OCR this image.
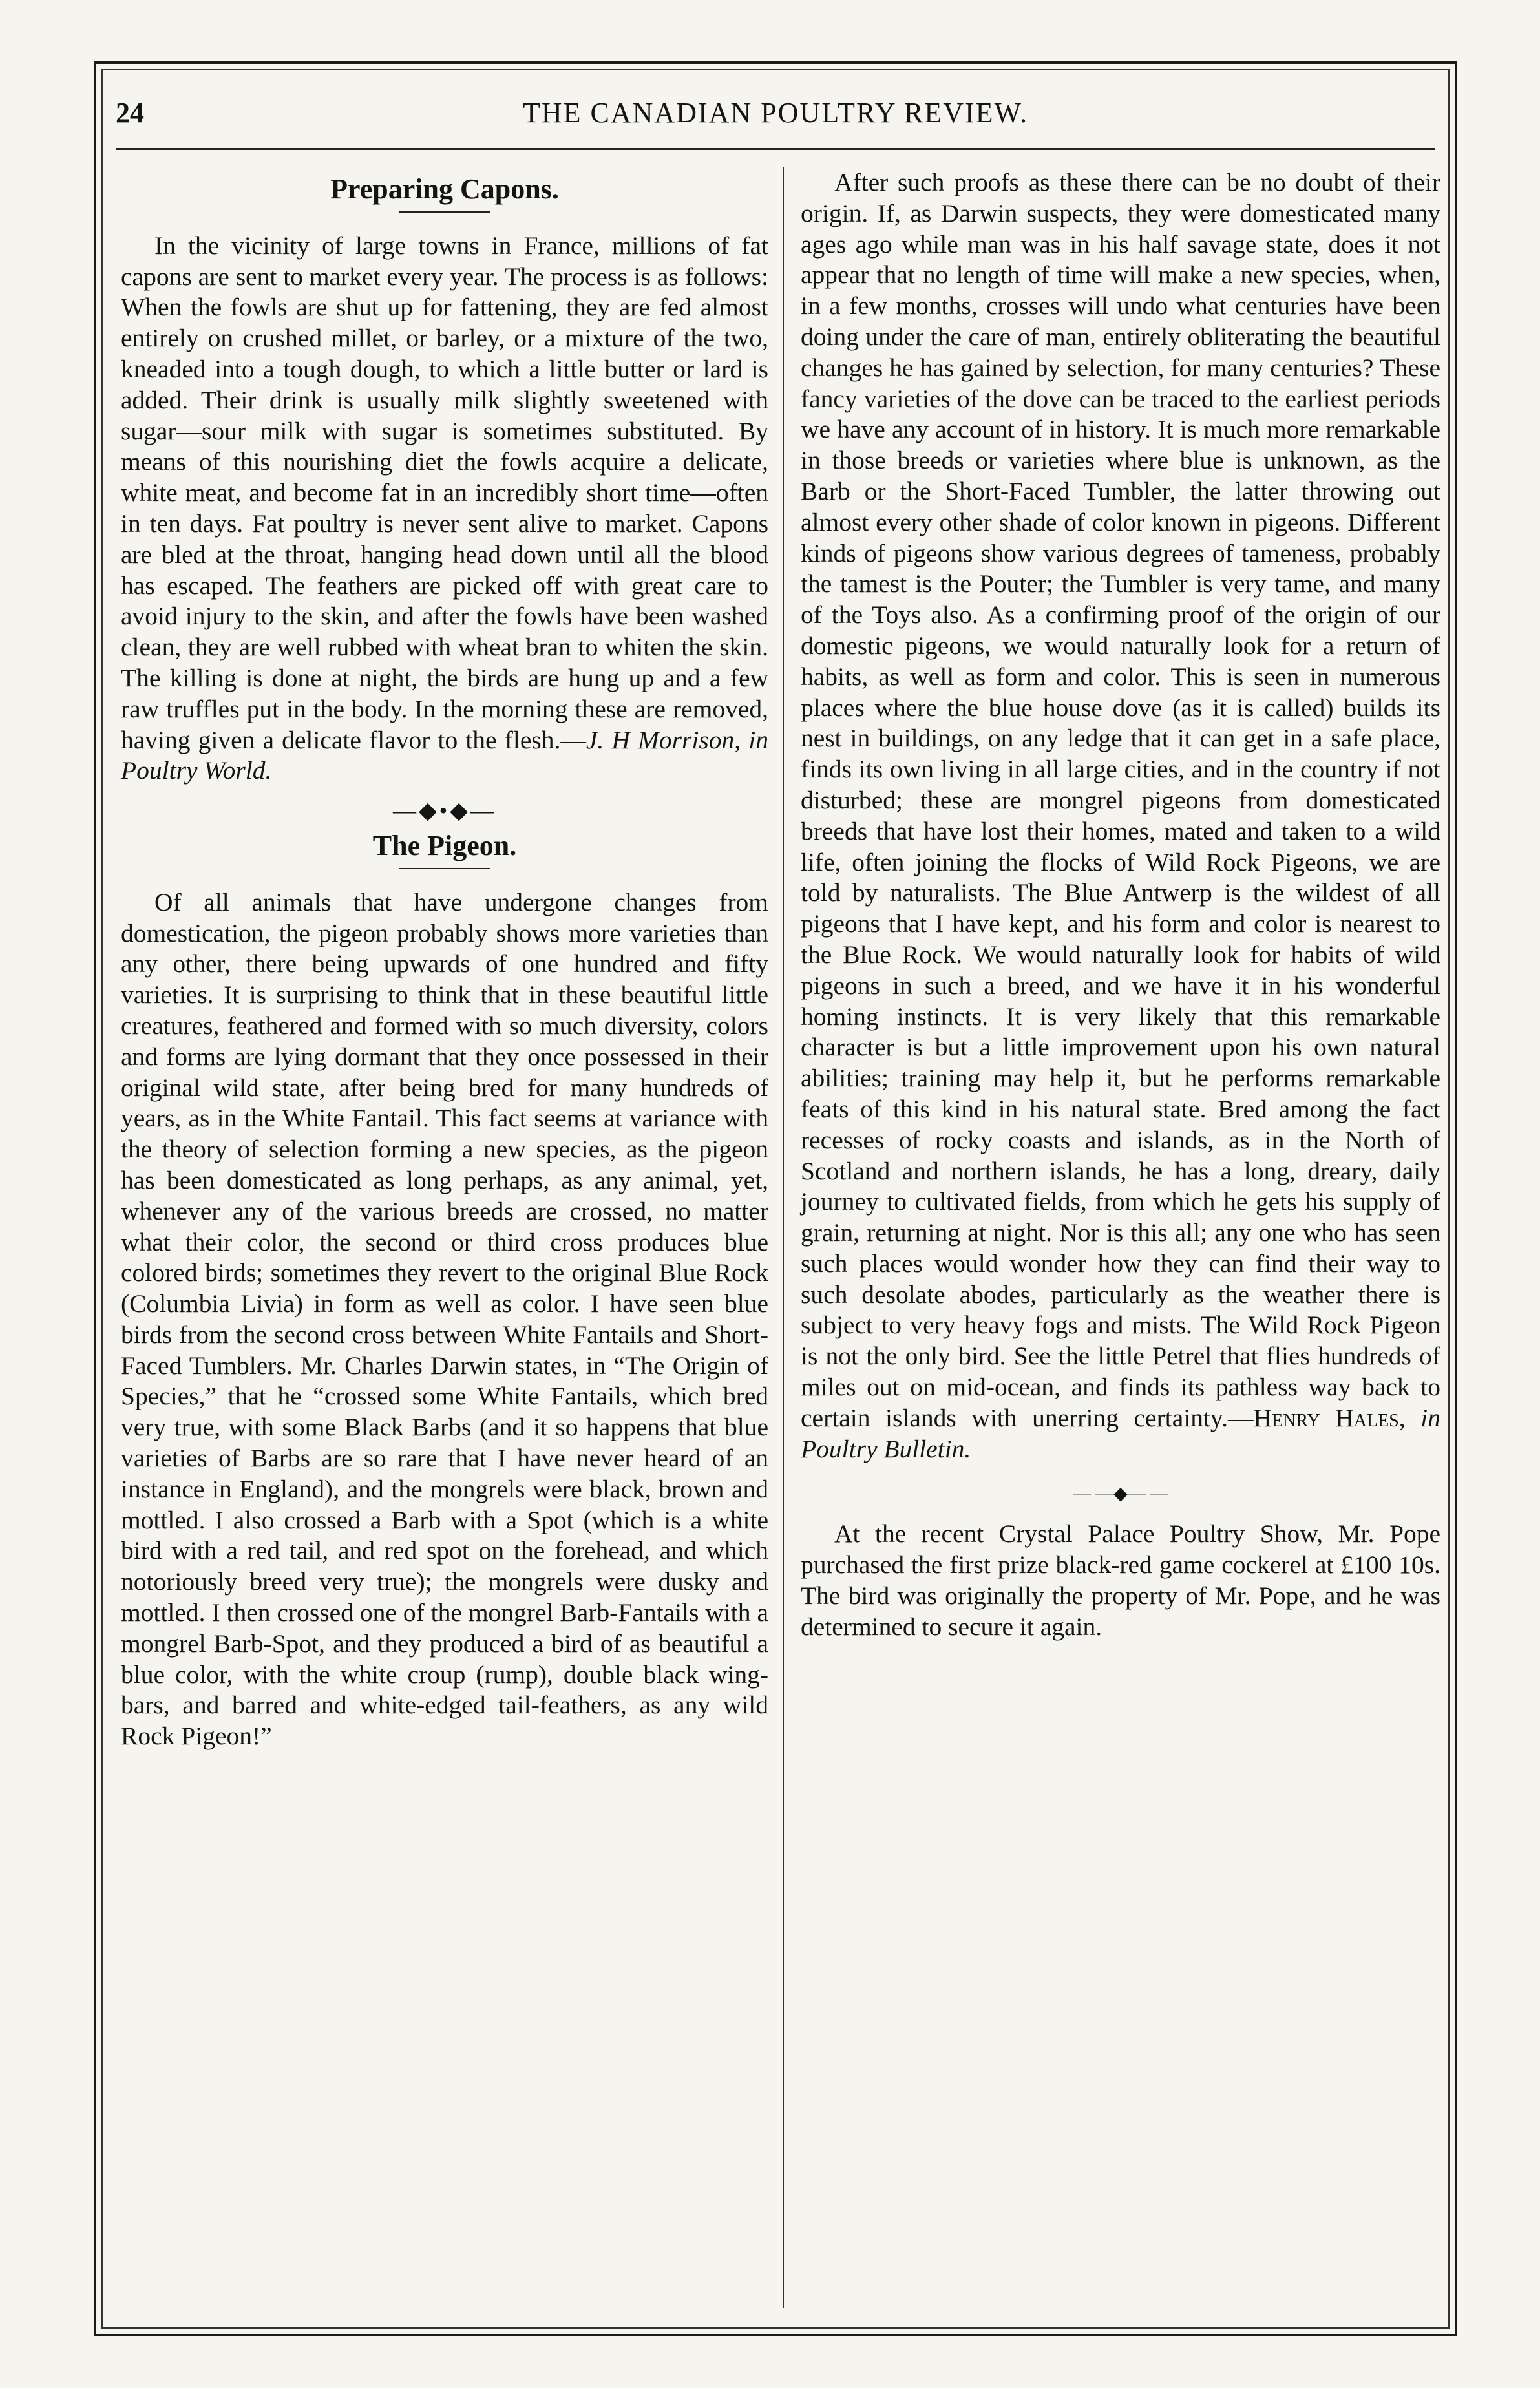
24	THE CANADIAN POULTRY REVIEW.
Preparing Capons.

In the vicinity of large towns in France, millions of fat capons are sent to market every year. The process is as follows: When the fowls are shut up for fattening, they are fed almost entirely on crushed millet, or barley, or a mixture of the two, kneaded into a tough dough, to which a little butter or lard is added. Their drink is usually milk slightly sweetened with sugar—sour milk with sugar is sometimes substituted. By means of this nourishing diet the fowls acquire a delicate, white meat, and become fat in an incredibly short time—often in ten days. Fat poultry is never sent alive to market. Capons are bled at the throat, hanging head down until all the blood has escaped. The feathers are picked off with great care to avoid injury to the skin, and after the fowls have been washed clean, they are well rubbed with wheat bran to whiten the skin. The killing is done at night, the birds are hung up and a few raw truffles put in the body. In the morning these are removed, having given a delicate flavor to the flesh.—J. H Morrison, in Poultry World.

—◆•◆—
The Pigeon.

Of all animals that have undergone changes from domestication, the pigeon probably shows more varieties than any other, there being upwards of one hundred and fifty varieties. It is surprising to think that in these beautiful little creatures, feathered and formed with so much diversity, colors and forms are lying dormant that they once possessed in their original wild state, after being bred for many hundreds of years, as in the White Fantail. This fact seems at variance with the theory of selection forming a new species, as the pigeon has been domesticated as long perhaps, as any animal, yet, whenever any of the various breeds are crossed, no matter what their color, the second or third cross produces blue colored birds; sometimes they revert to the original Blue Rock (Columbia Livia) in form as well as color. I have seen blue birds from the second cross between White Fantails and Short-Faced Tumblers. Mr. Charles Darwin states, in “The Origin of Species,” that he “crossed some White Fantails, which bred very true, with some Black Barbs (and it so happens that blue varieties of Barbs are so rare that I have never heard of an instance in England), and the mongrels were black, brown and mottled. I also crossed a Barb with a Spot (which is a white bird with a red tail, and red spot on the forehead, and which notoriously breed very true); the mongrels were dusky and mottled. I then crossed one of the mongrel Barb-Fantails with a mongrel Barb-Spot, and they produced a bird of as beautiful a blue color, with the white croup (rump), double black wing-bars, and barred and white-edged tail-feathers, as any wild Rock Pigeon!”

After such proofs as these there can be no doubt of their origin. If, as Darwin suspects, they were domesticated many ages ago while man was in his half savage state, does it not appear that no length of time will make a new species, when, in a few months, crosses will undo what centuries have been doing under the care of man, entirely obliterating the beautiful changes he has gained by selection, for many centuries? These fancy varieties of the dove can be traced to the earliest periods we have any account of in history. It is much more remarkable in those breeds or varieties where blue is unknown, as the Barb or the Short-Faced Tumbler, the latter throwing out almost every other shade of color known in pigeons. Different kinds of pigeons show various degrees of tameness, probably the tamest is the Pouter; the Tumbler is very tame, and many of the Toys also. As a confirming proof of the origin of our domestic pigeons, we would naturally look for a return of habits, as well as form and color. This is seen in numerous places where the blue house dove (as it is called) builds its nest in buildings, on any ledge that it can get in a safe place, finds its own living in all large cities, and in the country if not disturbed; these are mongrel pigeons from domesticated breeds that have lost their homes, mated and taken to a wild life, often joining the flocks of Wild Rock Pigeons, we are told by naturalists. The Blue Antwerp is the wildest of all pigeons that I have kept, and his form and color is nearest to the Blue Rock. We would naturally look for habits of wild pigeons in such a breed, and we have it in his wonderful homing instincts. It is very likely that this remarkable character is but a little improvement upon his own natural abilities; training may help it, but he performs remarkable feats of this kind in his natural state. Bred among the fact recesses of rocky coasts and islands, as in the North of Scotland and northern islands, he has a long, dreary, daily journey to cultivated fields, from which he gets his supply of grain, returning at night. Nor is this all; any one who has seen such places would wonder how they can find their way to such desolate abodes, particularly as the weather there is subject to very heavy fogs and mists. The Wild Rock Pigeon is not the only bird. See the little Petrel that flies hundreds of miles out on mid-ocean, and finds its pathless way back to certain islands with unerring certainty.—Henry Hales, in Poultry Bulletin.

— —◆— —

At the recent Crystal Palace Poultry Show, Mr. Pope purchased the first prize black-red game cockerel at £100 10s. The bird was originally the property of Mr. Pope, and he was determined to secure it again.
